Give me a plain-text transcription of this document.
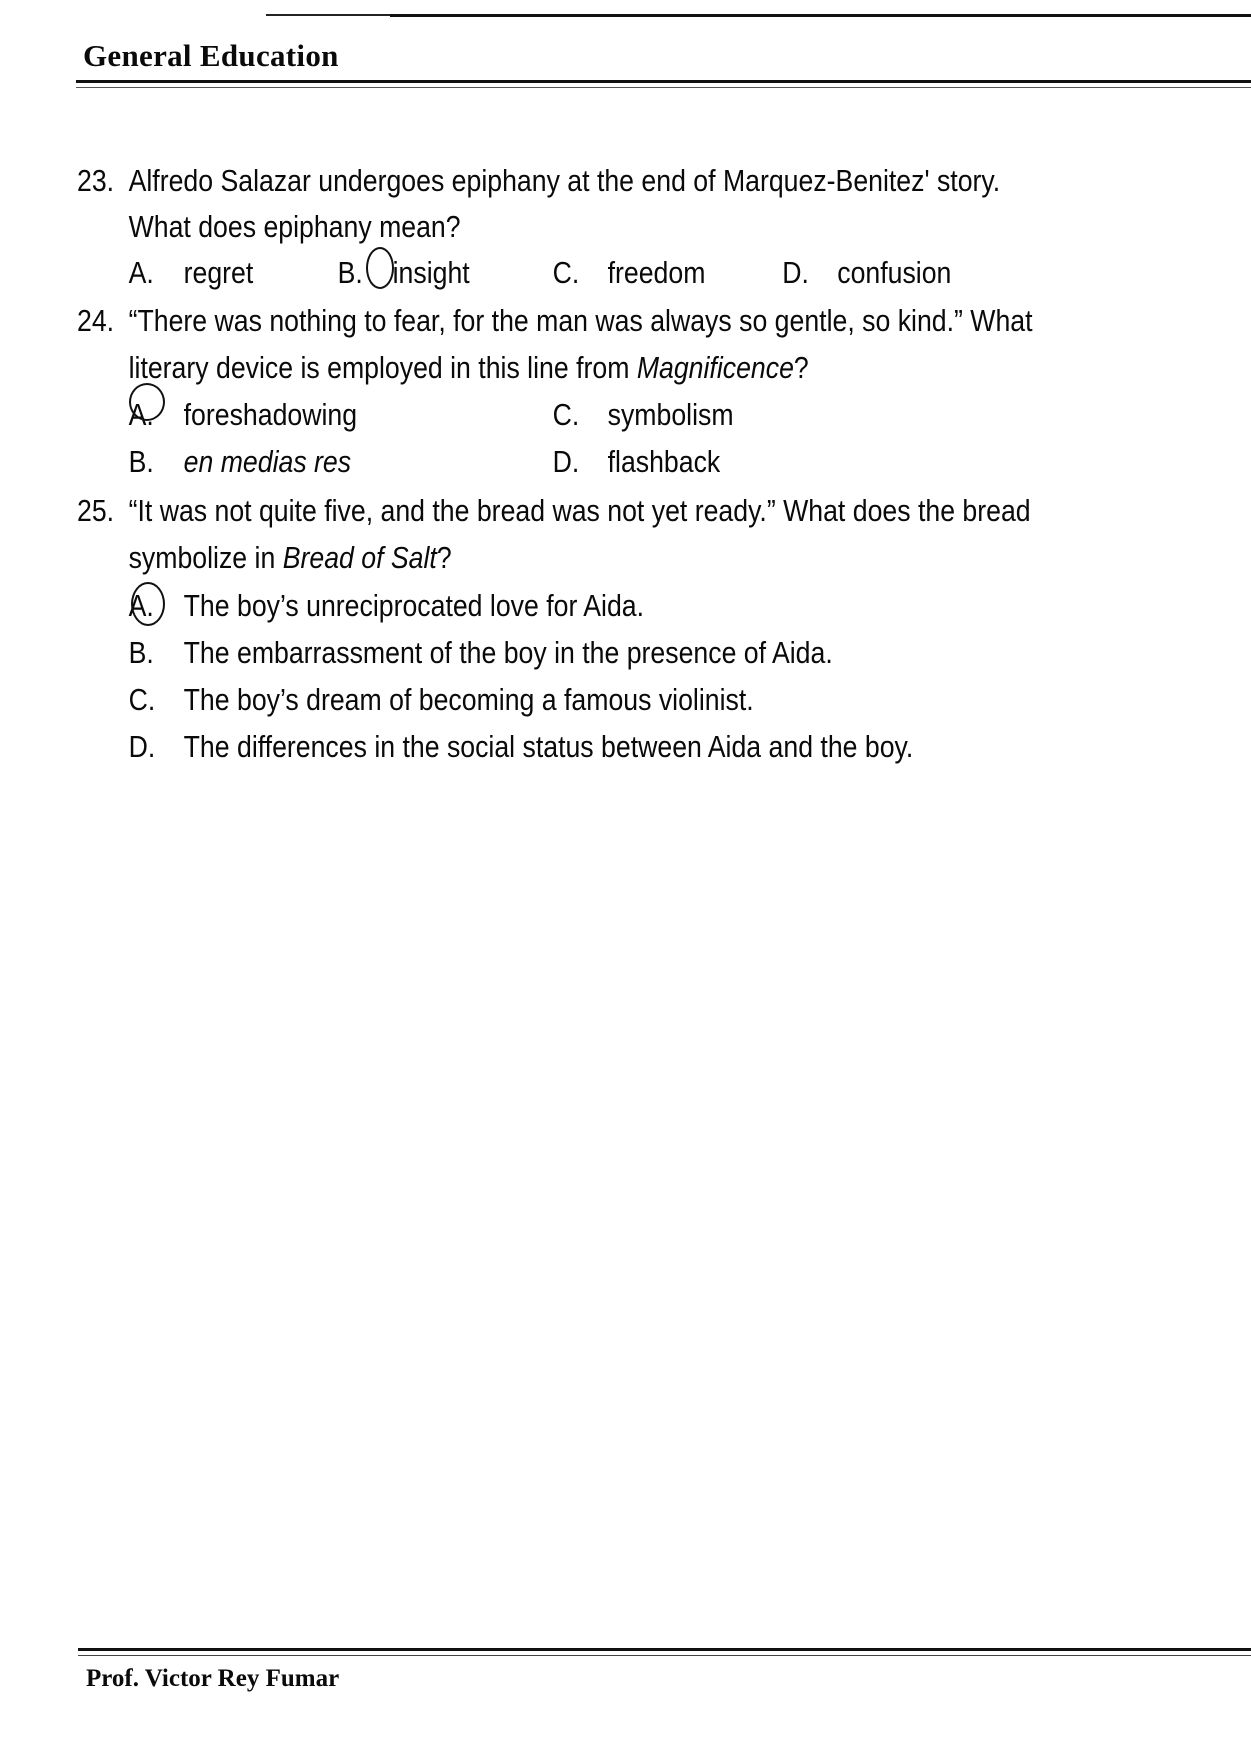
General Education
23. Alfredo Salazar undergoes epiphany at the end of Marquez-Benitez' story.
What does epiphany mean?
A. regret	B. insight	C. freedom D. confusion
24. “There was nothing to fear, for the man was always so gentle, so kind.” What
literary device is employed in this line from Magnificence?
A. foreshadowing	C. symbolism
B. en medias res	D. flashback
25. “It was not quite five, and the bread was not yet ready.” What does the bread
symbolize in Bread of Salt?
A. The boy’s unreciprocated love for Aida.
B. The embarrassment of the boy in the presence of Aida.
C. The boy’s dream of becoming a famous violinist.
D. The differences in the social status between Aida and the boy.
Prof. Victor Rey Fumar
